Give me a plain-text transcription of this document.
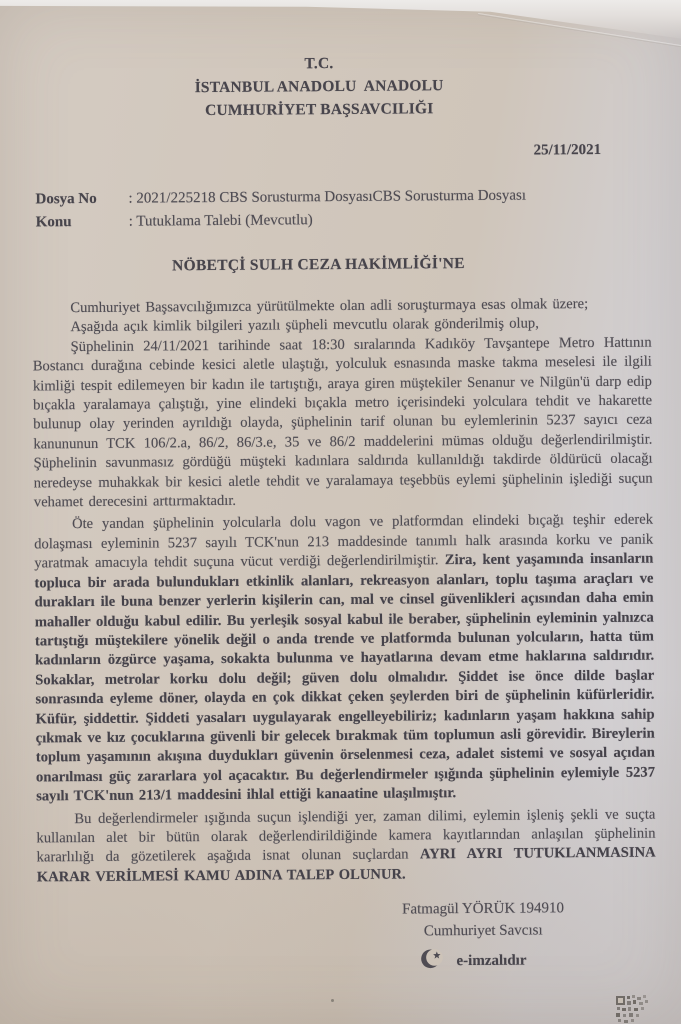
T.C.
İSTANBUL ANADOLU  ANADOLU
CUMHURİYET BAŞSAVCILIĞI
25/11/2021
Dosya No	: 2021/225218 CBS Sorusturma DosyasıCBS Sorusturma Dosyası
Konu	: Tutuklama Talebi (Mevcutlu)
NÖBETÇİ SULH CEZA HAKİMLİĞİ'NE

Cumhuriyet Başsavcılığımızca yürütülmekte olan adli soruşturmaya esas olmak üzere;

Aşağıda açık kimlik bilgileri yazılı şüpheli mevcutlu olarak gönderilmiş olup,

Şüphelinin 24/11/2021 tarihinde saat 18:30 sıralarında Kadıköy Tavşantepe Metro Hattının Bostancı durağına cebinde kesici aletle ulaştığı, yolculuk esnasında maske takma meselesi ile ilgili kimliği tespit edilemeyen bir kadın ile tartıştığı, araya giren müştekiler Senanur ve Nilgün'ü darp edip bıçakla yaralamaya çalıştığı, yine elindeki bıçakla metro içerisindeki yolculara tehdit ve hakarette bulunup olay yerinden ayrıldığı olayda, şüphelinin tarif olunan bu eylemlerinin 5237 sayıcı ceza kanununun TCK 106/2.a, 86/2, 86/3.e, 35 ve 86/2 maddelerini mümas olduğu değerlendirilmiştir. Şüphelinin savunmasız gördüğü müşteki kadınlara saldırıda kullanıldığı takdirde öldürücü olacağı neredeyse muhakkak bir kesici aletle tehdit ve yaralamaya teşebbüs eylemi şüphelinin işlediği suçun vehamet derecesini arttırmaktadır.

Öte yandan şüphelinin yolcularla dolu vagon ve platformdan elindeki bıçağı teşhir ederek dolaşması eyleminin 5237 sayılı TCK'nun 213 maddesinde tanımlı halk arasında korku ve panik yaratmak amacıyla tehdit suçuna vücut verdiği değerlendirilmiştir. Zira, kent yaşamında insanların topluca bir arada bulundukları etkinlik alanları, rekreasyon alanları, toplu taşıma araçları ve durakları ile buna benzer yerlerin kişilerin can, mal ve cinsel güvenlikleri açısından daha emin mahaller olduğu kabul edilir. Bu yerleşik sosyal kabul ile beraber, şüphelinin eyleminin yalnızca tartıştığı müştekilere yönelik değil o anda trende ve platformda bulunan yolcuların, hatta tüm kadınların özgürce yaşama, sokakta bulunma ve hayatlarına devam etme haklarına saldırıdır. Sokaklar, metrolar korku dolu değil; güven dolu olmalıdır. Şiddet ise önce dilde başlar sonrasında eyleme döner, olayda en çok dikkat çeken şeylerden biri de şüphelinin küfürleridir. Küfür, şiddettir. Şiddeti yasaları uygulayarak engelleyebiliriz; kadınların yaşam hakkına sahip çıkmak ve kız çocuklarına güvenli bir gelecek bırakmak tüm toplumun asli görevidir. Bireylerin toplum yaşamının akışına duydukları güvenin örselenmesi ceza, adalet sistemi ve sosyal açıdan onarılması güç zararlara yol açacaktır. Bu değerlendirmeler ışığında şüphelinin eylemiyle 5237 sayılı TCK'nun 213/1 maddesini ihlal ettiği kanaatine ulaşılmıştır.

Bu değerlendirmeler ışığında suçun işlendiği yer, zaman dilimi, eylemin işleniş şekli ve suçta kullanılan alet bir bütün olarak değerlendirildiğinde kamera kayıtlarından anlaşılan şüphelinin kararlılığı da gözetilerek aşağıda isnat olunan suçlardan AYRI AYRI TUTUKLANMASINA KARAR VERİLMESİ KAMU ADINA TALEP OLUNUR.

Fatmagül YÖRÜK 194910
Cumhuriyet Savcısı
e-imzalıdır
